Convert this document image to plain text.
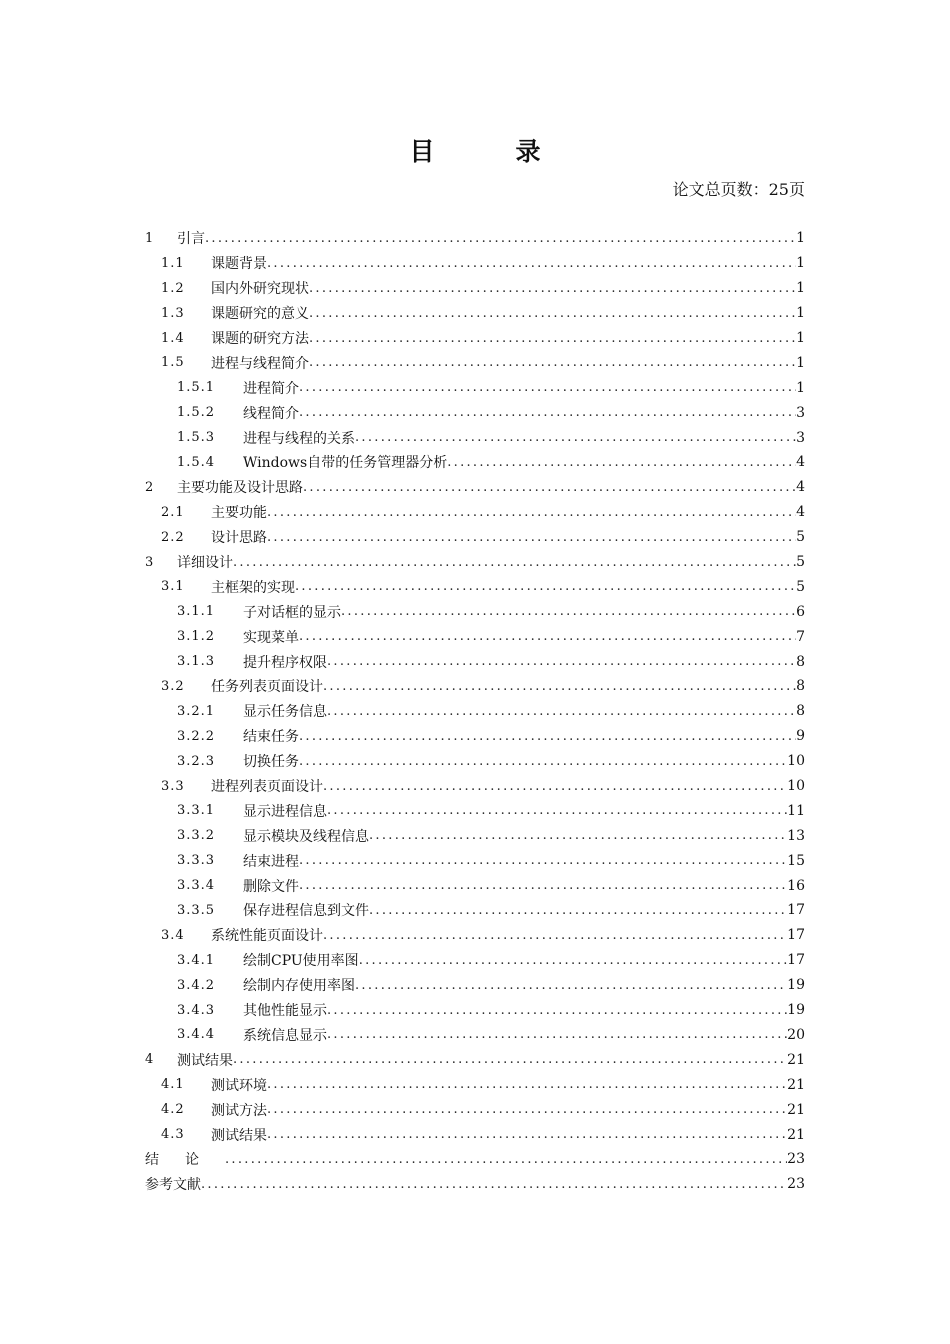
目　录
论文总页数：25页
1	引言 .....	1
1.1	课题背景 .....	1
1.2	国内外研究现状 .....	1
1.3	课题研究的意义 .....	1
1.4	课题的研究方法 .....	1
1.5	进程与线程简介 .....	1
1.5.1	进程简介 .....	1
1.5.2	线程简介 .....	3
1.5.3	进程与线程的关系 .....	3
1.5.4	Windows自带的任务管理器分析 .....	4
2	主要功能及设计思路 .....	4
2.1	主要功能 .....	4
2.2	设计思路 .....	5
3	详细设计 .....	5
3.1	主框架的实现 .....	5
3.1.1	子对话框的显示 .....	6
3.1.2	实现菜单 .....	7
3.1.3	提升程序权限 .....	8
3.2	任务列表页面设计 .....	8
3.2.1	显示任务信息 .....	8
3.2.2	结束任务 .....	9
3.2.3	切换任务 .....	10
3.3	进程列表页面设计 .....	10
3.3.1	显示进程信息 .....	11
3.3.2	显示模块及线程信息 .....	13
3.3.3	结束进程 .....	15
3.3.4	删除文件 .....	16
3.3.5	保存进程信息到文件 .....	17
3.4	系统性能页面设计 .....	17
3.4.1	绘制CPU使用率图 .....	17
3.4.2	绘制内存使用率图 .....	19
3.4.3	其他性能显示 .....	19
3.4.4	系统信息显示 .....	20
4	测试结果 .....	21
4.1	测试环境 .....	21
4.2	测试方法 .....	21
4.3	测试结果 .....	21
结论 .....	23
参考文献 .....	23
